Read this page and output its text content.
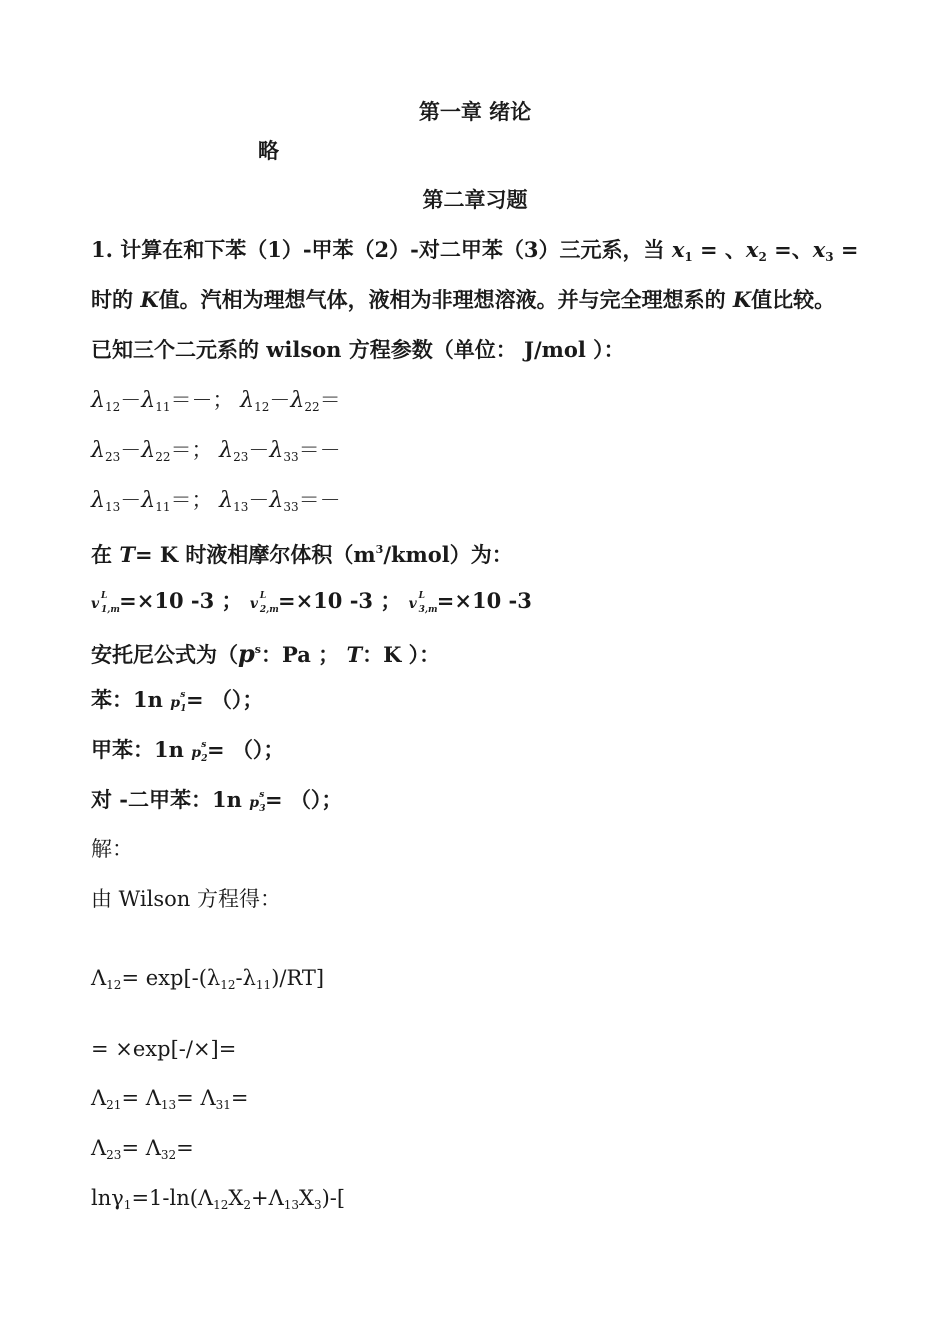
第一章 绪论
略
第二章习题
1. 计算在和下苯（1）-甲苯（2）-对二甲苯（3）三元系，当 $x_1$ = 、$x_2$ =、$x_3$ =
时的 K值。汽相为理想气体，液相为非理想溶液。并与完全理想系的 K值比较。
已知三个二元系的 wilson 方程参数（单位： J/mol ）：
$\lambda_{12}-\lambda_{11}=-$； $\lambda_{12}-\lambda_{22}=$
$\lambda_{23}-\lambda_{22}=$； $\lambda_{23}-\lambda_{33}=-$
$\lambda_{13}-\lambda_{11}=$； $\lambda_{13}-\lambda_{33}=-$
在 T= K 时液相摩尔体积$(m^3/kmol)$为：
v L
1,m =×10 -3 ； v L
2,m =×10 -3 ； v L
3,m =×10 -3
安托尼公式为（$p^s$：Pa ； T：K ）：
苯：1n p s
1 = （）；
甲苯：1n p s
2 = （）；
对 -二甲苯：1n p s
3 = （）；
解：
由 Wilson 方程得：
$\Lambda_{12}= \exp[-(\lambda_{12}-\lambda_{11})/RT]$
= ×exp[-/×]=
$\Lambda_{21}= \Lambda_{13}= \Lambda_{31}=$
$\Lambda_{23}= \Lambda_{32}=$
$\ln\gamma_1=1-\ln(\Lambda_{12}X_2+\Lambda_{13}X_3)-$[
